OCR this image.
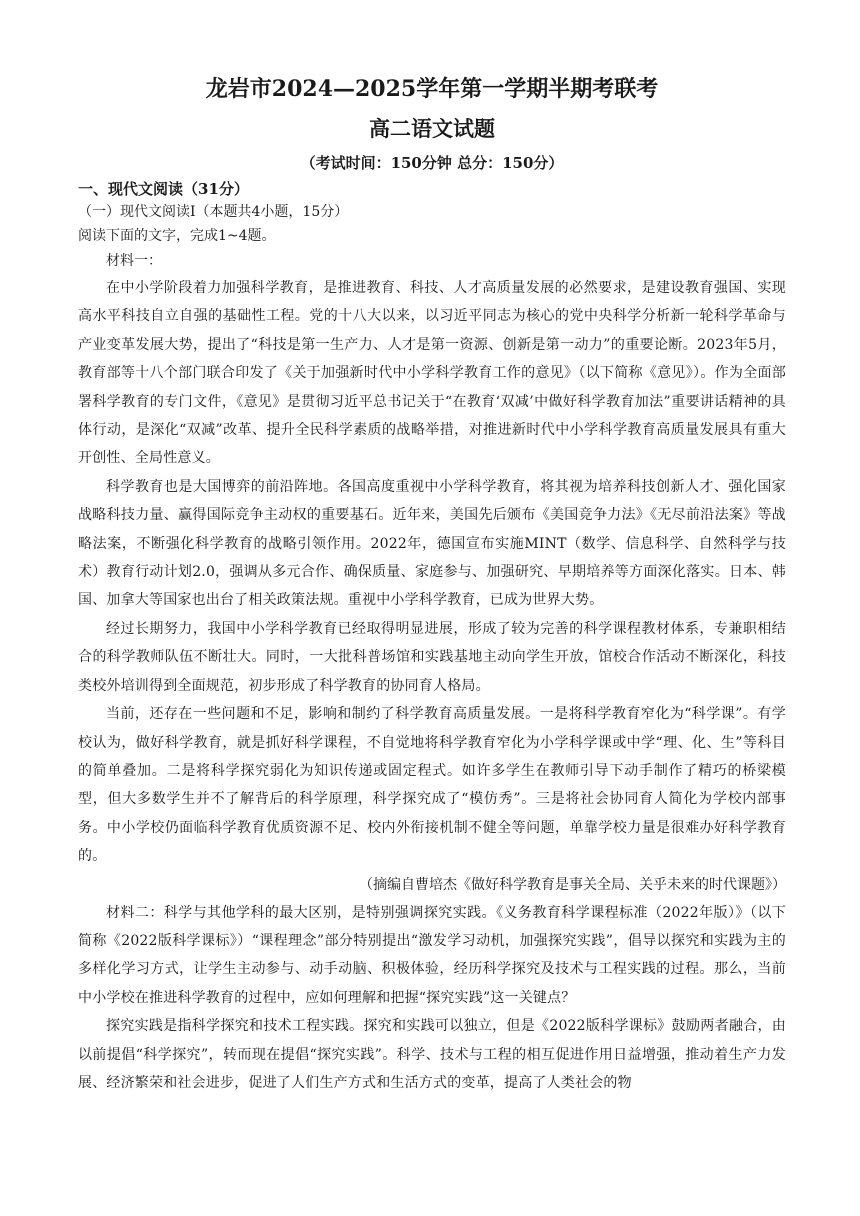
龙岩市2024—2025学年第一学期半期考联考
高二语文试题
（考试时间：150分钟 总分：150分）
一、现代文阅读（31分）
（一）现代文阅读Ⅰ（本题共4小题，15分）
阅读下面的文字，完成1~4题。
材料一：

在中小学阶段着力加强科学教育，是推进教育、科技、人才高质量发展的必然要求，是建设教育强国、实现高水平科技自立自强的基础性工程。党的十八大以来，以习近平同志为核心的党中央科学分析新一轮科学革命与产业变革发展大势，提出了“科技是第一生产力、人才是第一资源、创新是第一动力”的重要论断。2023年5月，教育部等十八个部门联合印发了《关于加强新时代中小学科学教育工作的意见》（以下简称《意见》）。作为全面部署科学教育的专门文件，《意见》是贯彻习近平总书记关于“在教育‘双减’中做好科学教育加法”重要讲话精神的具体行动，是深化“双减”改革、提升全民科学素质的战略举措，对推进新时代中小学科学教育高质量发展具有重大开创性、全局性意义。

科学教育也是大国博弈的前沿阵地。各国高度重视中小学科学教育，将其视为培养科技创新人才、强化国家战略科技力量、赢得国际竞争主动权的重要基石。近年来，美国先后颁布《美国竞争力法》《无尽前沿法案》等战略法案，不断强化科学教育的战略引领作用。2022年，德国宣布实施MINT（数学、信息科学、自然科学与技术）教育行动计划2.0，强调从多元合作、确保质量、家庭参与、加强研究、早期培养等方面深化落实。日本、韩国、加拿大等国家也出台了相关政策法规。重视中小学科学教育，已成为世界大势。

经过长期努力，我国中小学科学教育已经取得明显进展，形成了较为完善的科学课程教材体系，专兼职相结合的科学教师队伍不断壮大。同时，一大批科普场馆和实践基地主动向学生开放，馆校合作活动不断深化，科技类校外培训得到全面规范，初步形成了科学教育的协同育人格局。

当前，还存在一些问题和不足，影响和制约了科学教育高质量发展。一是将科学教育窄化为“科学课”。有学校认为，做好科学教育，就是抓好科学课程，不自觉地将科学教育窄化为小学科学课或中学“理、化、生”等科目的简单叠加。二是将科学探究弱化为知识传递或固定程式。如许多学生在教师引导下动手制作了精巧的桥梁模型，但大多数学生并不了解背后的科学原理，科学探究成了“模仿秀”。三是将社会协同育人简化为学校内部事务。中小学校仍面临科学教育优质资源不足、校内外衔接机制不健全等问题，单靠学校力量是很难办好科学教育的。

（摘编自曹培杰《做好科学教育是事关全局、关乎未来的时代课题》）

材料二：科学与其他学科的最大区别，是特别强调探究实践。《义务教育科学课程标准（2022年版）》（以下简称《2022版科学课标》）“课程理念”部分特别提出“激发学习动机，加强探究实践”，倡导以探究和实践为主的多样化学习方式，让学生主动参与、动手动脑、积极体验，经历科学探究及技术与工程实践的过程。那么，当前中小学校在推进科学教育的过程中，应如何理解和把握“探究实践”这一关键点？

探究实践是指科学探究和技术工程实践。探究和实践可以独立，但是《2022版科学课标》鼓励两者融合，由以前提倡“科学探究”，转而现在提倡“探究实践”。科学、技术与工程的相互促进作用日益增强，推动着生产力发展、经济繁荣和社会进步，促进了人们生产方式和生活方式的变革，提高了人类社会的物
